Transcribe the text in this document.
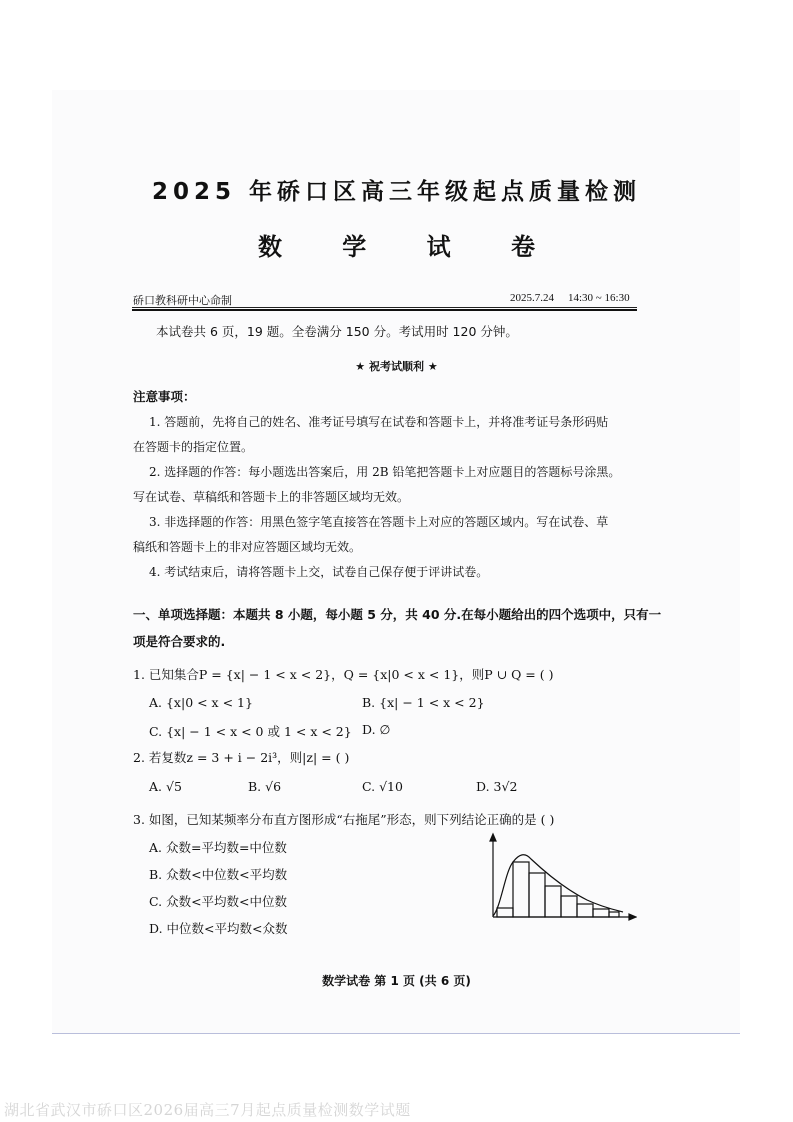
2025 年硚口区高三年级起点质量检测
数 学 试 卷
硚口教科研中心命制	2025.7.24 14:30 ~ 16:30
本试卷共 6 页，19 题。全卷满分 150 分。考试用时 120 分钟。
★ 祝考试顺利 ★
注意事项：
1. 答题前，先将自己的姓名、准考证号填写在试卷和答题卡上，并将准考证号条形码贴
在答题卡的指定位置。
2. 选择题的作答：每小题选出答案后，用 2B 铅笔把答题卡上对应题目的答题标号涂黑。
写在试卷、草稿纸和答题卡上的非答题区域均无效。
3. 非选择题的作答：用黑色签字笔直接答在答题卡上对应的答题区域内。写在试卷、草
稿纸和答题卡上的非对应答题区域均无效。
4. 考试结束后，请将答题卡上交，试卷自己保存便于评讲试卷。
一、单项选择题：本题共 8 小题，每小题 5 分，共 40 分.在每小题给出的四个选项中，只有一
项是符合要求的.
1. 已知集合P = {x| − 1 < x < 2}，Q = {x|0 < x < 1}，则P ∪ Q = ( )
A. {x|0 < x < 1}	B. {x| − 1 < x < 2}
C. {x| − 1 < x < 0 或 1 < x < 2} D. ∅
2. 若复数z = 3 + i − 2i³，则|z| = ( )
A. √5	B. √6	C. √10	D. 3√2
3. 如图，已知某频率分布直方图形成“右拖尾”形态，则下列结论正确的是 ( )
A. 众数=平均数=中位数
B. 众数<中位数<平均数
C. 众数<平均数<中位数
D. 中位数<平均数<众数
数学试卷 第 1 页 (共 6 页)
湖北省武汉市硚口区2026届高三7月起点质量检测数学试题
